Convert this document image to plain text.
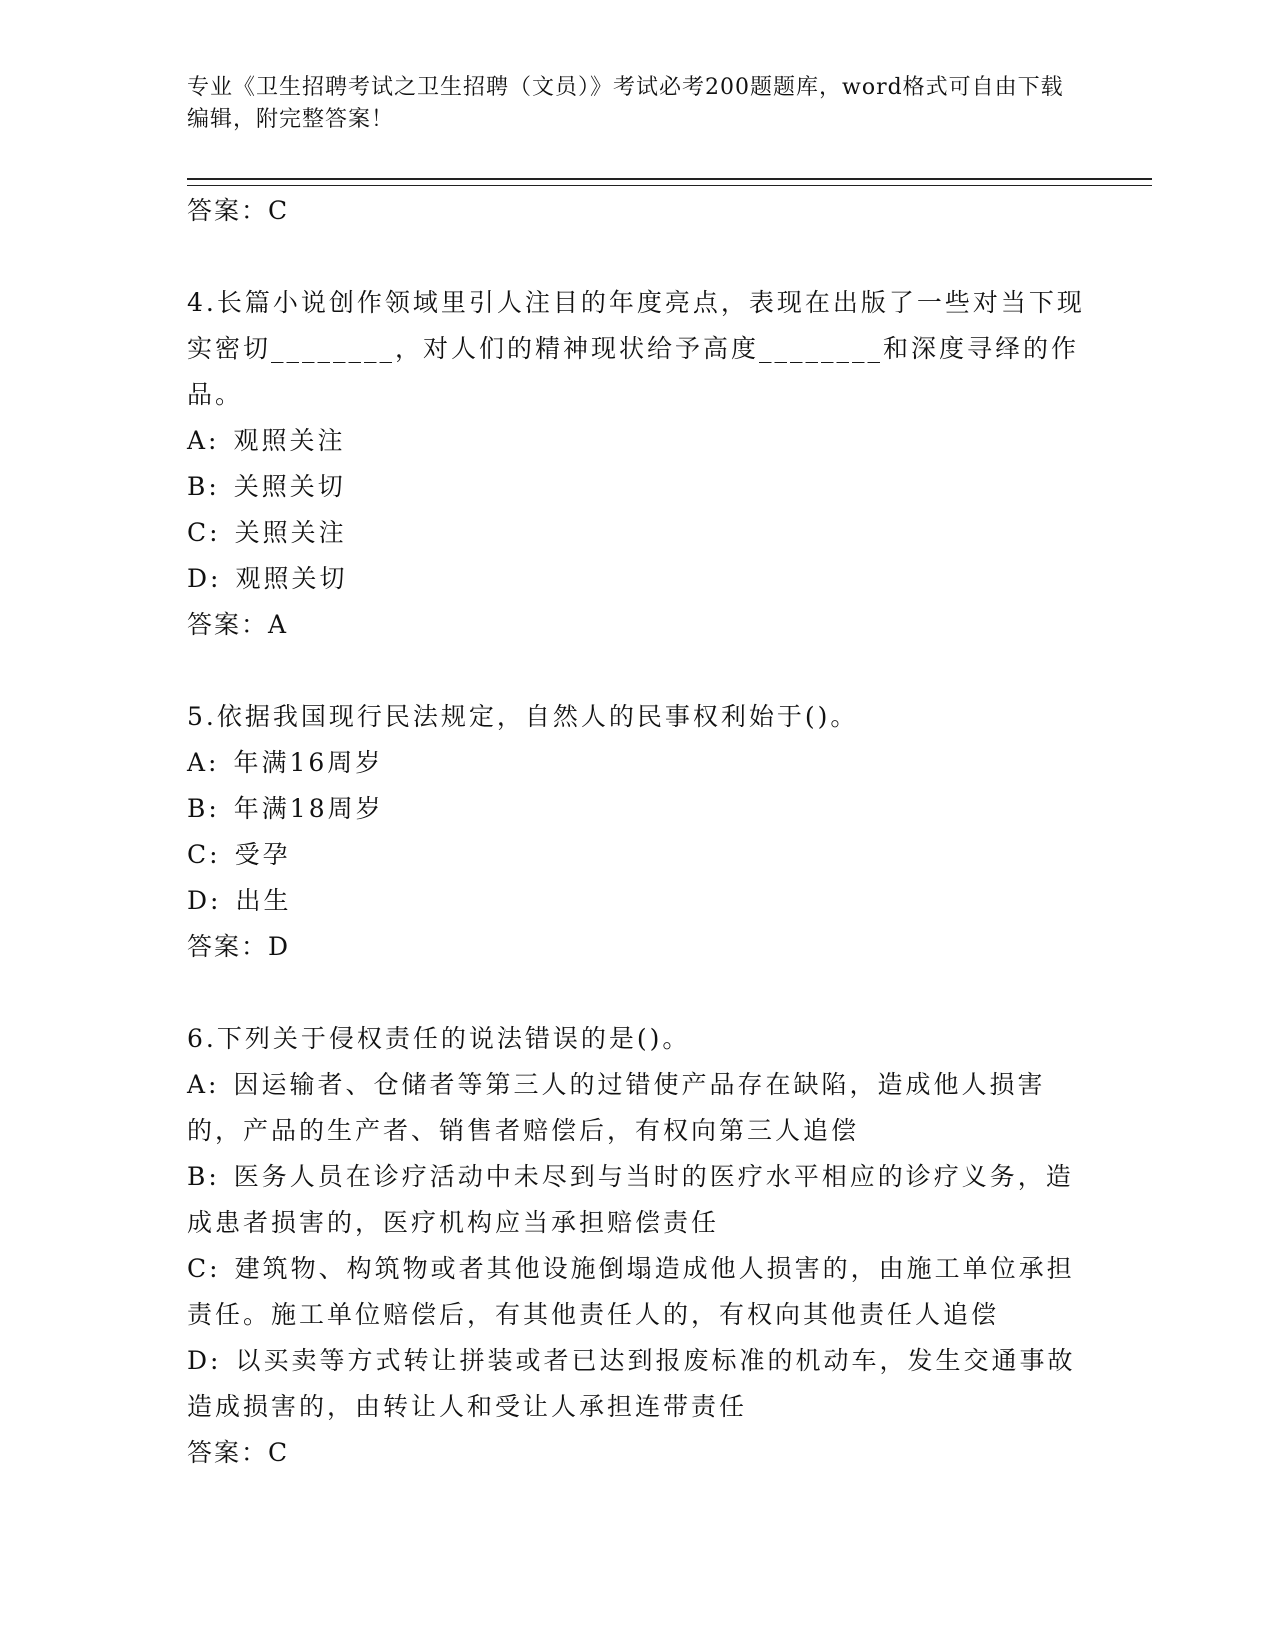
专业《卫生招聘考试之卫生招聘（文员）》考试必考200题题库，word格式可自由下载编辑，附完整答案！
答案：C

4.长篇小说创作领域里引人注目的年度亮点，表现在出版了一些对当下现实密切________，对人们的精神现状给予高度________和深度寻绎的作品。

A: 观照关注

B: 关照关切

C: 关照关注

D: 观照关切

答案：A

5.依据我国现行民法规定，自然人的民事权利始于()。

A: 年满16周岁

B: 年满18周岁

C: 受孕

D: 出生

答案：D

6.下列关于侵权责任的说法错误的是()。

A: 因运输者、仓储者等第三人的过错使产品存在缺陷，造成他人损害的，产品的生产者、销售者赔偿后，有权向第三人追偿

B: 医务人员在诊疗活动中未尽到与当时的医疗水平相应的诊疗义务，造成患者损害的，医疗机构应当承担赔偿责任

C: 建筑物、构筑物或者其他设施倒塌造成他人损害的，由施工单位承担责任。施工单位赔偿后，有其他责任人的，有权向其他责任人追偿

D: 以买卖等方式转让拼装或者已达到报废标准的机动车，发生交通事故造成损害的，由转让人和受让人承担连带责任

答案：C
